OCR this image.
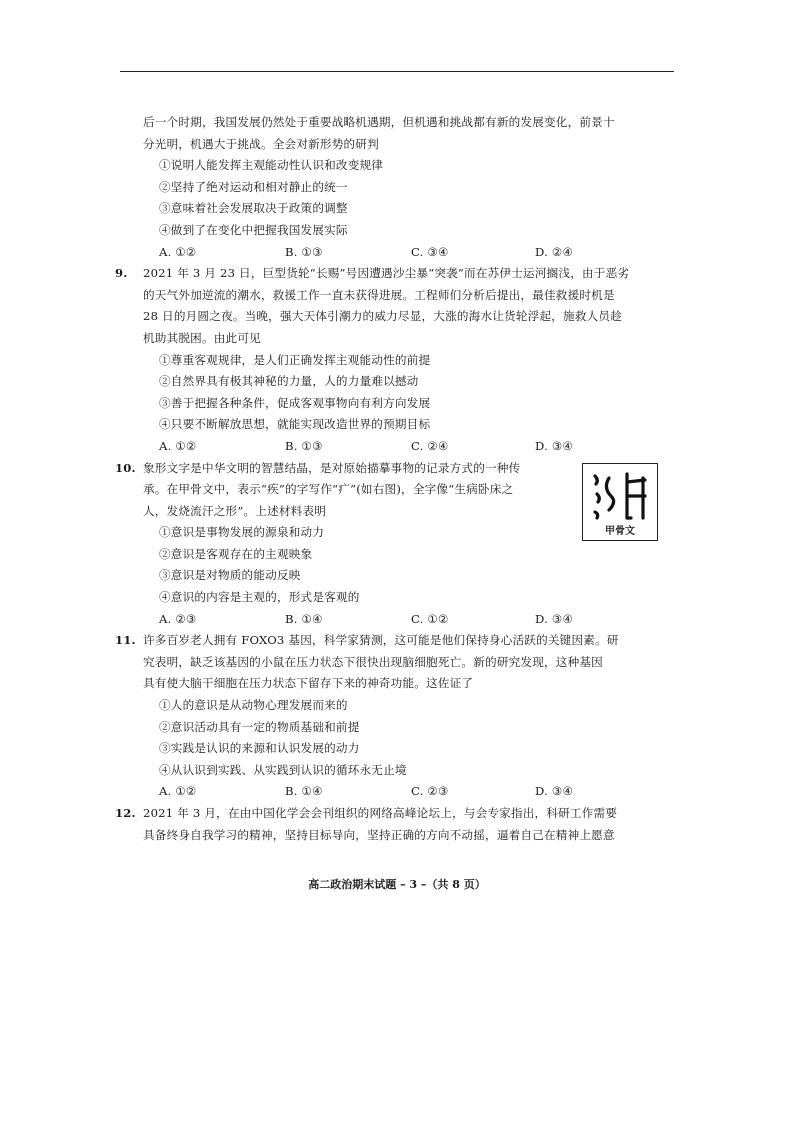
后一个时期，我国发展仍然处于重要战略机遇期，但机遇和挑战都有新的发展变化，前景十
分光明，机遇大于挑战。全会对新形势的研判
①说明人能发挥主观能动性认识和改变规律
②坚持了绝对运动和相对静止的统一
③意味着社会发展取决于政策的调整
④做到了在变化中把握我国发展实际
A. ①②	B. ①③	C. ③④	D. ②④
9. 2021 年 3 月 23 日，巨型货轮“长赐”号因遭遇沙尘暴“突袭”而在苏伊士运河搁浅，由于恶劣
的天气外加逆流的潮水，救援工作一直未获得进展。工程师们分析后提出，最佳救援时机是
28 日的月圆之夜。当晚，强大天体引潮力的威力尽显，大涨的海水让货轮浮起，施救人员趁
机助其脱困。由此可见
①尊重客观规律，是人们正确发挥主观能动性的前提
②自然界具有极其神秘的力量，人的力量难以撼动
③善于把握各种条件，促成客观事物向有利方向发展
④只要不断解放思想，就能实现改造世界的预期目标
A. ①②	B. ①③	C. ②④	D. ③④
10. 象形文字是中华文明的智慧结晶，是对原始描摹事物的记录方式的一种传
承。在甲骨文中，表示“疾”的字写作“疒”(如右图)，全字像“生病卧床之
人，发烧流汗之形”。上述材料表明
①意识是事物发展的源泉和动力
②意识是客观存在的主观映象
③意识是对物质的能动反映
④意识的内容是主观的，形式是客观的
A. ②③	B. ①④	C. ①②	D. ③④
11. 许多百岁老人拥有 FOXO3 基因，科学家猜测，这可能是他们保持身心活跃的关键因素。研
究表明，缺乏该基因的小鼠在压力状态下很快出现脑细胞死亡。新的研究发现，这种基因
具有使大脑干细胞在压力状态下留存下来的神奇功能。这佐证了
①人的意识是从动物心理发展而来的
②意识活动具有一定的物质基础和前提
③实践是认识的来源和认识发展的动力
④从认识到实践、从实践到认识的循环永无止境
A. ①②	B. ①④	C. ②③	D. ③④
12. 2021 年 3 月，在由中国化学会会刊组织的网络高峰论坛上，与会专家指出，科研工作需要
具备终身自我学习的精神，坚持目标导向，坚持正确的方向不动摇，逼着自己在精神上愿意
甲骨文
高二政治期末试题 – 3 –（共 8 页）
